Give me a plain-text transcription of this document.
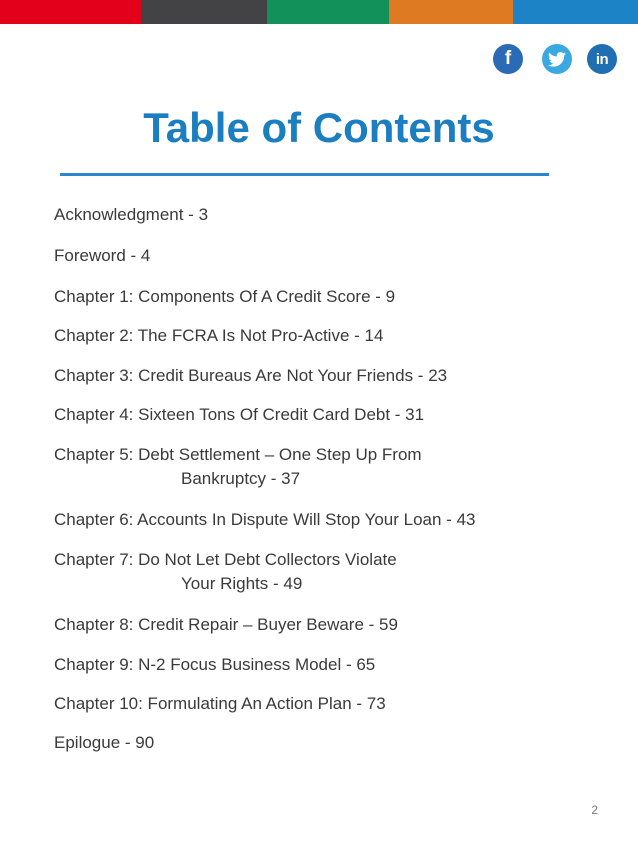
f	in
Table of Contents
Acknowledgment - 3
Foreword - 4
Chapter 1: Components Of A Credit Score - 9
Chapter 2: The FCRA Is Not Pro-Active - 14
Chapter 3: Credit Bureaus Are Not Your Friends - 23
Chapter 4: Sixteen Tons Of Credit Card Debt - 31
Chapter 5: Debt Settlement – One Step Up From
Bankruptcy - 37
Chapter 6: Accounts In Dispute Will Stop Your Loan - 43
Chapter 7: Do Not Let Debt Collectors Violate
Your Rights - 49
Chapter 8: Credit Repair – Buyer Beware - 59
Chapter 9: N-2 Focus Business Model - 65
Chapter 10: Formulating An Action Plan - 73
Epilogue - 90
2
